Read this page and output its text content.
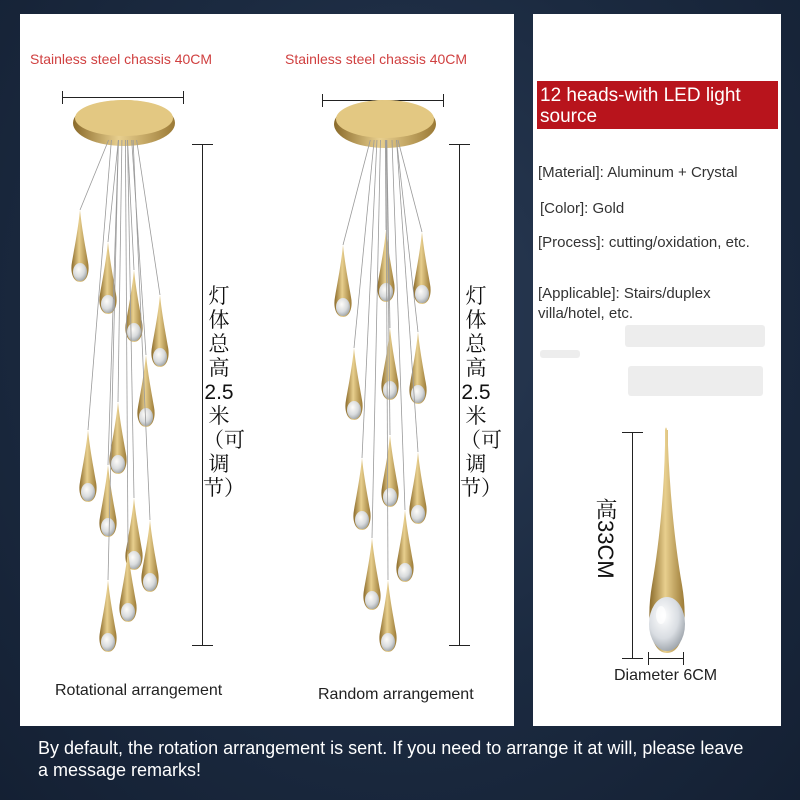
Stainless steel chassis 40CM
灯体总高2.5米（可调节）
Rotational arrangement
Stainless steel chassis 40CM
灯体总高2.5米（可调节）
Random arrangement
12 heads-with LED light source
[Material]: Aluminum + Crystal
[Color]: Gold
[Process]: cutting/oxidation, etc.
[Applicable]: Stairs/duplex villa/hotel, etc.
高33CM
Diameter 6CM
By default, the rotation arrangement is sent. If you need to arrange it at will, please leave a message remarks!
